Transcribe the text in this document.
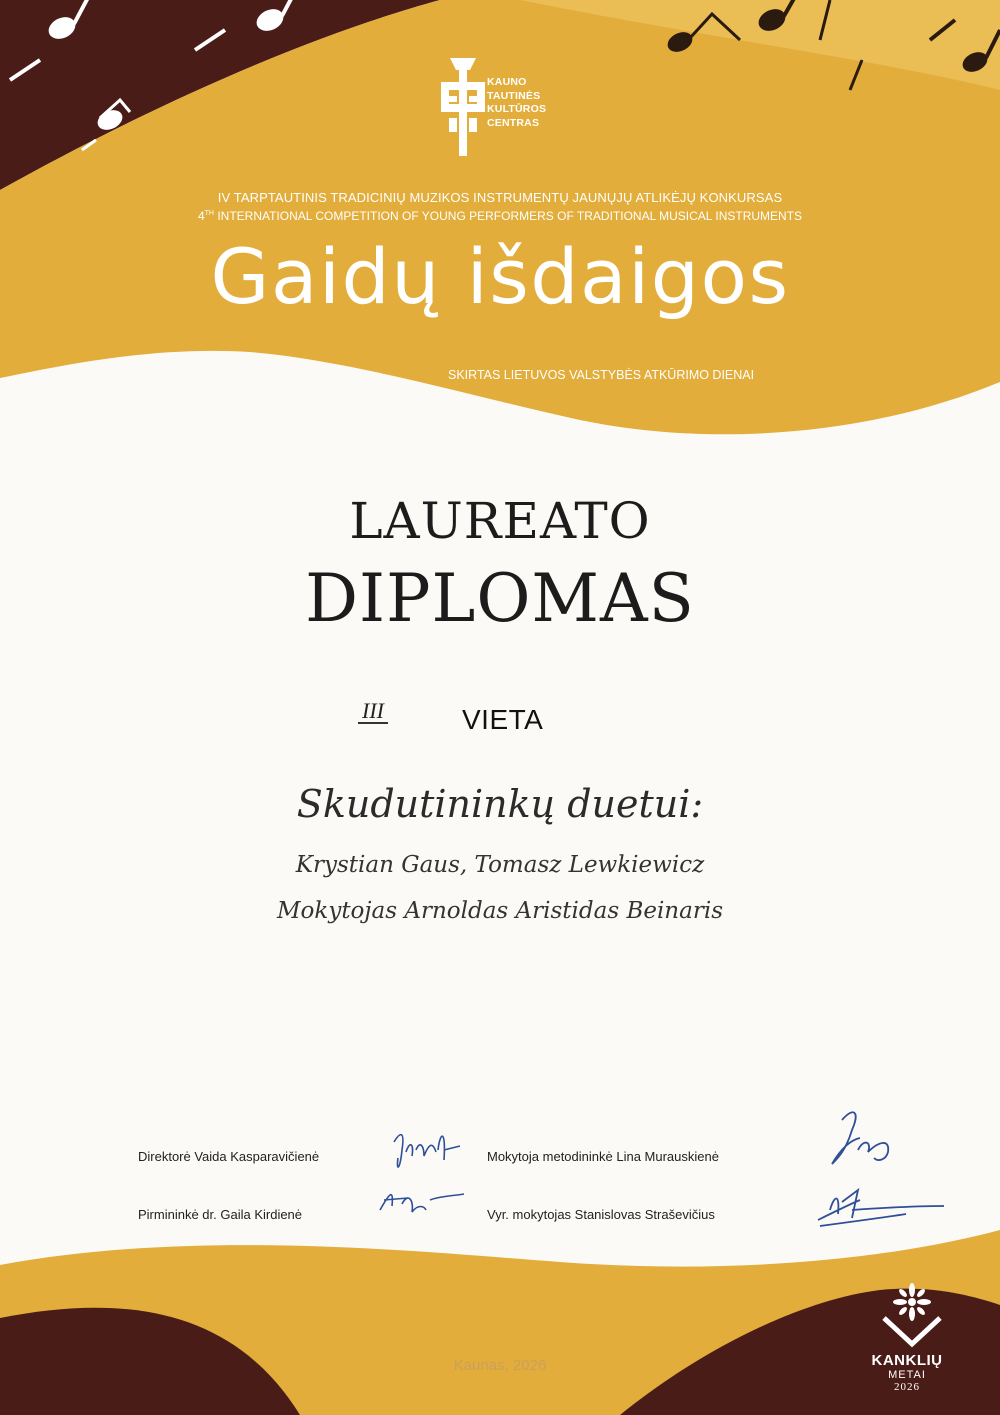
KAUNO
TAUTINĖS
KULTŪROS
CENTRAS
IV TARPTAUTINIS TRADICINIŲ MUZIKOS INSTRUMENTŲ JAUNŲJŲ ATLIKĖJŲ KONKURSAS
4TH INTERNATIONAL COMPETITION OF YOUNG PERFORMERS OF TRADITIONAL MUSICAL INSTRUMENTS
Gaidų išdaigos
SKIRTAS LIETUVOS VALSTYBĖS ATKŪRIMO DIENAI
LAUREATO
DIPLOMAS
III	VIETA
Skudutininkų duetui:
Krystian Gaus, Tomasz Lewkiewicz
Mokytojas Arnoldas Aristidas Beinaris
Direktorė Vaida Kasparavičienė	Mokytoja metodininkė Lina Murauskienė
Pirmininkė dr. Gaila Kirdienė	Vyr. mokytojas Stanislovas Straševičius
Kaunas, 2026	KANKLIŲ
METAI
2026
